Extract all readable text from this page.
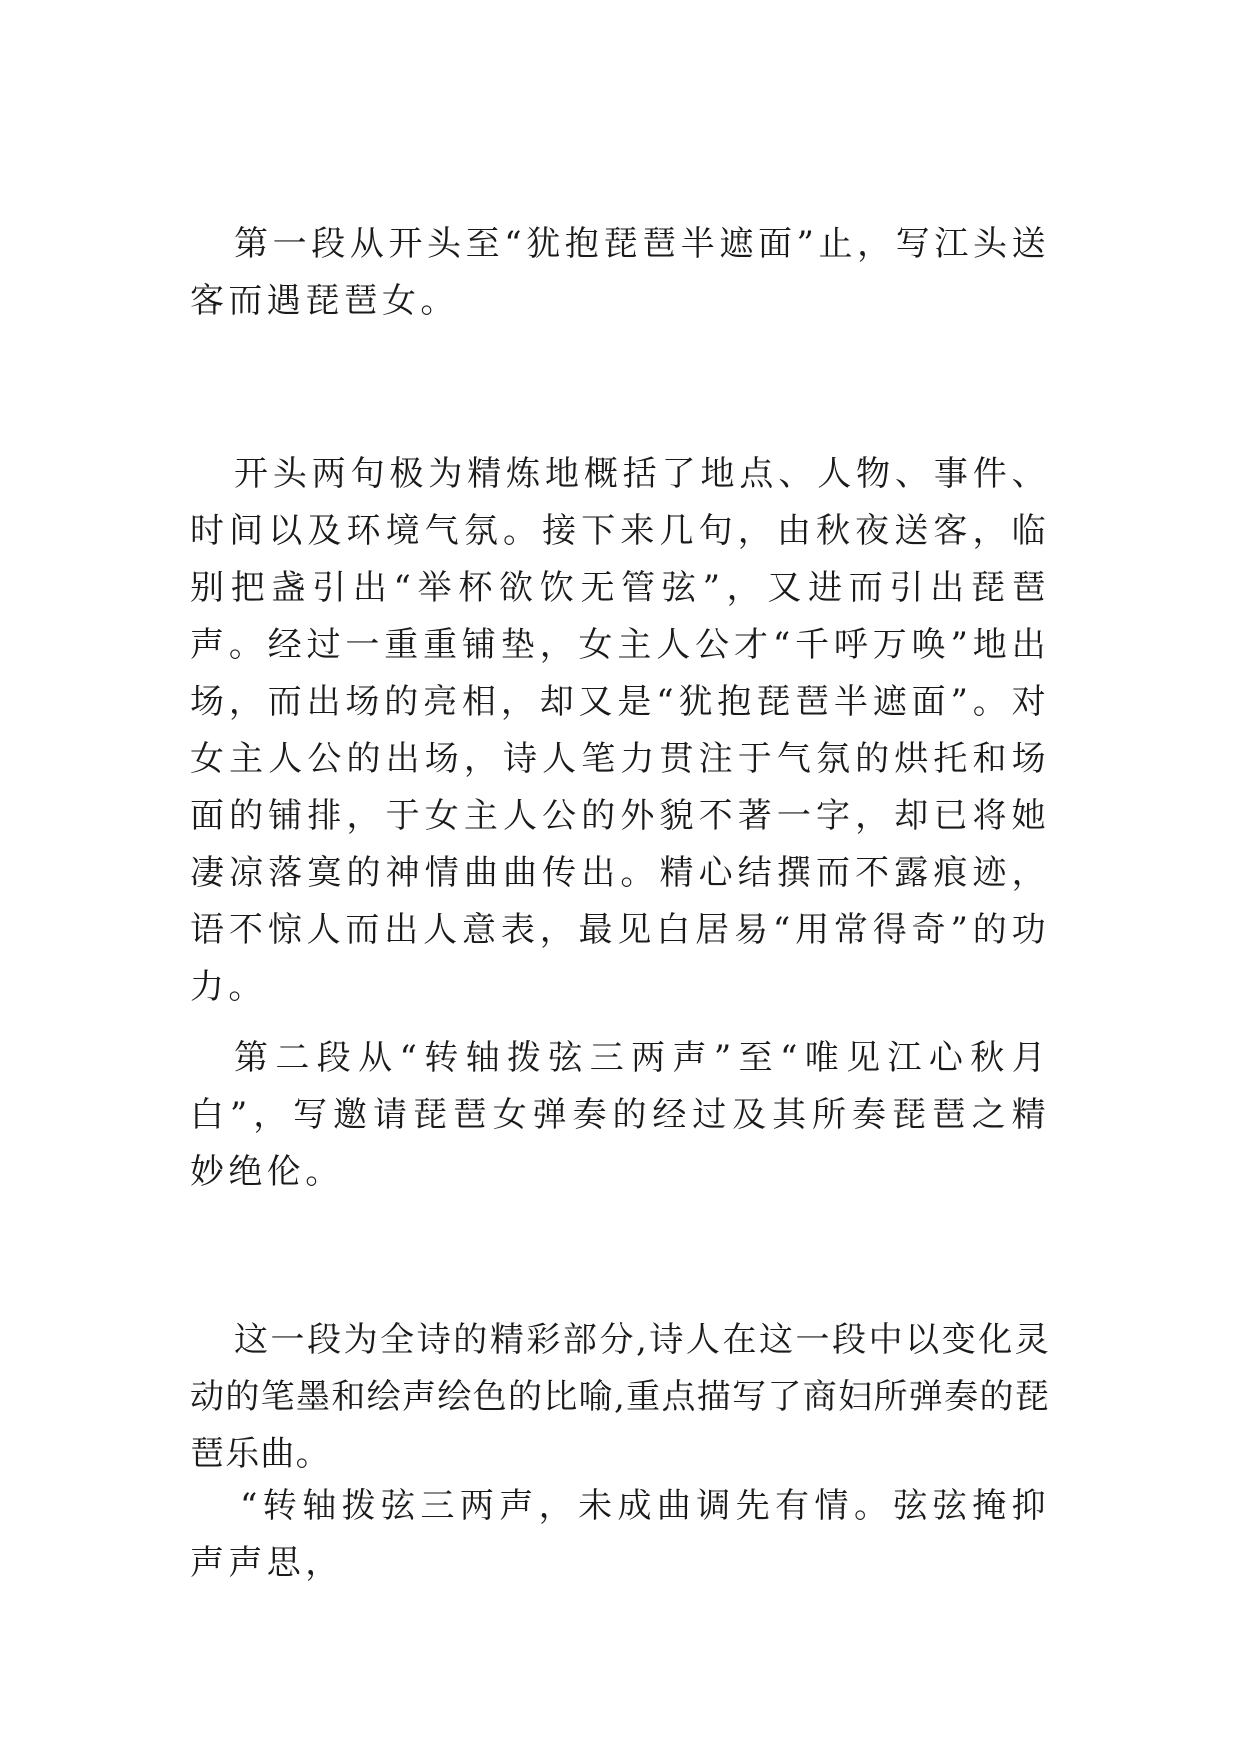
第一段从开头至“犹抱琵琶半遮面”止，写江头送客而遇琵琶女。

开头两句极为精炼地概括了地点、人物、事件、时间以及环境气氛。接下来几句，由秋夜送客，临别把盏引出“举杯欲饮无管弦”，又进而引出琵琶声。经过一重重铺垫，女主人公才“千呼万唤”地出场，而出场的亮相，却又是“犹抱琵琶半遮面”。对女主人公的出场，诗人笔力贯注于气氛的烘托和场面的铺排，于女主人公的外貌不著一字，却已将她凄凉落寞的神情曲曲传出。精心结撰而不露痕迹，语不惊人而出人意表，最见白居易“用常得奇”的功力。

第二段从“转轴拨弦三两声”至“唯见江心秋月白”，写邀请琵琶女弹奏的经过及其所奏琵琶之精妙绝伦。

这一段为全诗的精彩部分,诗人在这一段中以变化灵动的笔墨和绘声绘色的比喻,重点描写了商妇所弹奏的琵琶乐曲。

“转轴拨弦三两声，未成曲调先有情。弦弦掩抑声声思，
